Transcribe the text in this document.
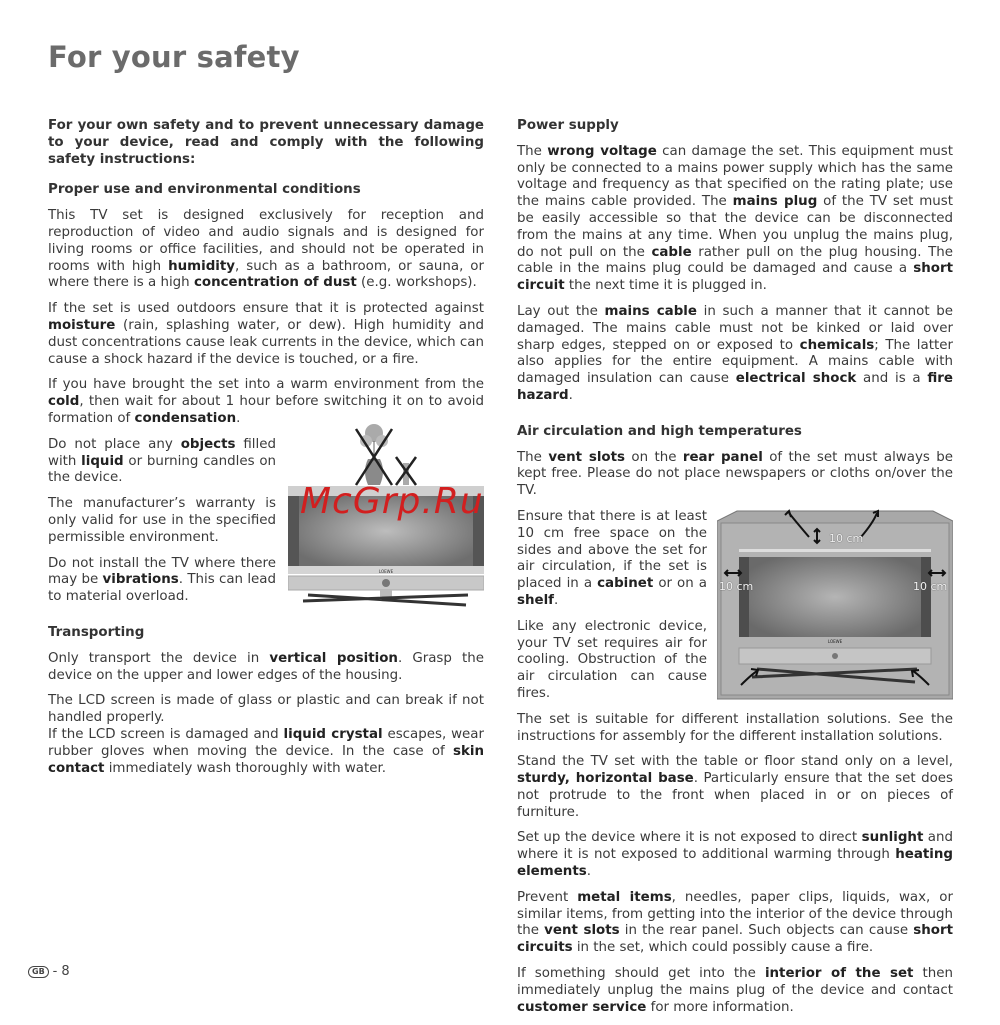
For your safety

For your own safety and to prevent unnecessary damage to your device, read and comply with the following safety instructions:

Proper use and environmental conditions

This TV set is designed exclusively for reception and reproduction of video and audio signals and is designed for living rooms or office facilities, and should not be operated in rooms with high humidity, such as a bathroom, or sauna, or where there is a high concentration of dust (e.g. workshops).

If the set is used outdoors ensure that it is protected against moisture (rain, splashing water, or dew). High humidity and dust concentrations cause leak currents in the device, which can cause a shock hazard if the device is touched, or a fire.

If you have brought the set into a warm environment from the cold, then wait for about 1 hour before switching it on to avoid formation of condensation.

LOEWE

Do not place any objects filled with liquid or burning candles on the device.

The manufacturer’s warranty is only valid for use in the specified permissible environment.

Do not install the TV where there may be vibrations. This can lead to material overload.

Transporting

Only transport the device in vertical position. Grasp the device on the upper and lower edges of the housing.

The LCD screen is made of glass or plastic and can break if not handled properly.
If the LCD screen is damaged and liquid crystal escapes, wear rubber gloves when moving the device. In the case of skin contact immediately wash thoroughly with water.

Power supply

The wrong voltage can damage the set. This equipment must only be connected to a mains power supply which has the same voltage and frequency as that specified on the rating plate; use the mains cable provided. The mains plug of the TV set must be easily accessible so that the device can be disconnected from the mains at any time. When you unplug the mains plug, do not pull on the cable rather pull on the plug housing. The cable in the mains plug could be damaged and cause a short circuit the next time it is plugged in.

Lay out the mains cable in such a manner that it cannot be damaged. The mains cable must not be kinked or laid over sharp edges, stepped on or exposed to chemicals; The latter also applies for the entire equipment. A mains cable with damaged insulation can cause electrical shock and is a fire hazard.

Air circulation and high temperatures

The vent slots on the rear panel of the set must always be kept free. Please do not place newspapers or cloths on/over the TV.

LOEWE
10 cm
10 cm	10 cm

Ensure that there is at least 10 cm free space on the sides and above the set for air circulation, if the set is placed in a cabinet or on a shelf.

Like any electronic device, your TV set requires air for cooling. Obstruction of the air circulation can cause fires.

The set is suitable for different installation solutions. See the instructions for assembly for the different installation solutions.

Stand the TV set with the table or floor stand only on a level, sturdy, horizontal base. Particularly ensure that the set does not protrude to the front when placed in or on pieces of furniture.

Set up the device where it is not exposed to direct sunlight and where it is not exposed to additional warming through heating elements.

Prevent metal items, needles, paper clips, liquids, wax, or similar items, from getting into the interior of the device through the vent slots in the rear panel. Such objects can cause short circuits in the set, which could possibly cause a fire.

If something should get into the interior of the set then immediately unplug the mains plug of the device and contact customer service for more information.

GB - 8
McGrp.Ru
